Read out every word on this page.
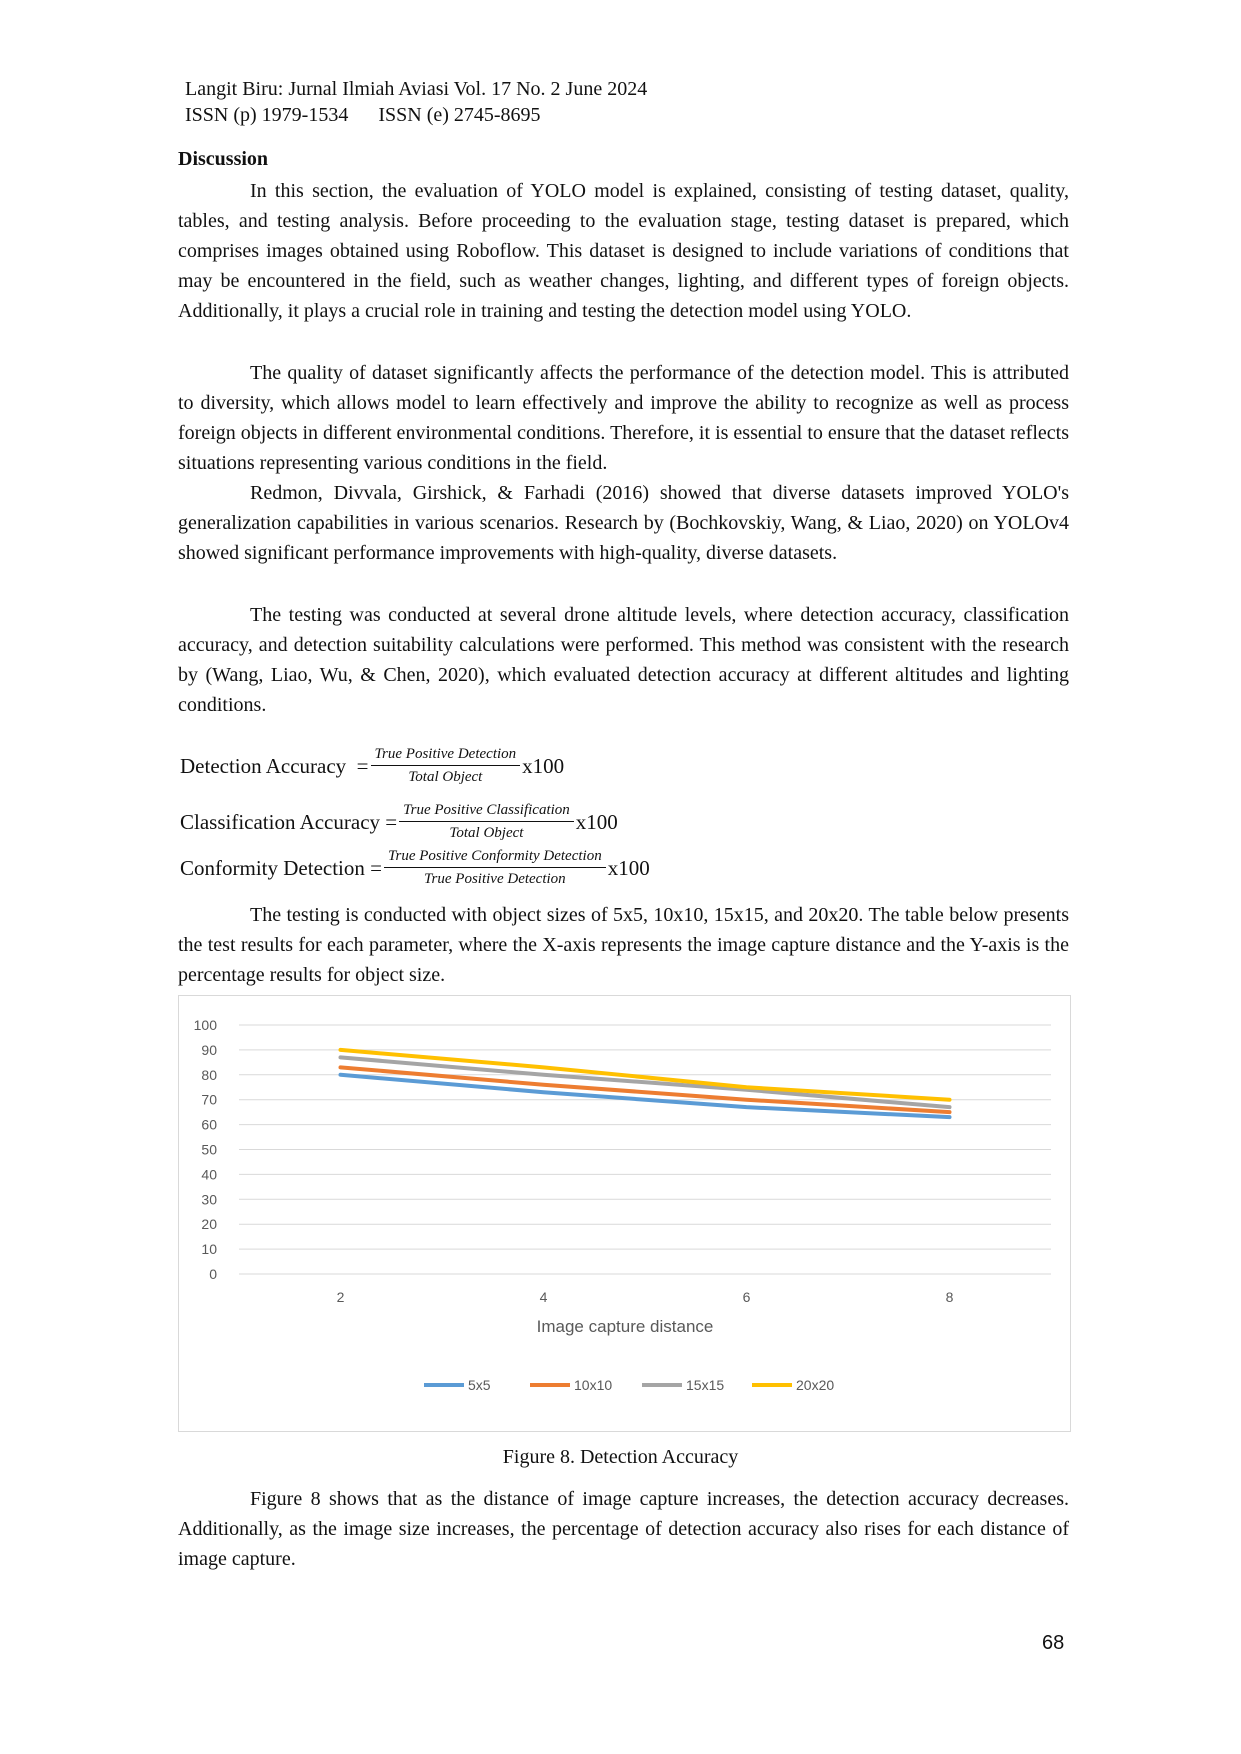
Langit Biru: Jurnal Ilmiah Aviasi Vol. 17 No. 2 June 2024
ISSN (p) 1979-1534 ISSN (e) 2745-8695
Discussion

In this section, the evaluation of YOLO model is explained, consisting of testing dataset, quality, tables, and testing analysis. Before proceeding to the evaluation stage, testing dataset is prepared, which comprises images obtained using Roboflow. This dataset is designed to include variations of conditions that may be encountered in the field, such as weather changes, lighting, and different types of foreign objects. Additionally, it plays a crucial role in training and testing the detection model using YOLO.

The quality of dataset significantly affects the performance of the detection model. This is attributed to diversity, which allows model to learn effectively and improve the ability to recognize as well as process foreign objects in different environmental conditions. Therefore, it is essential to ensure that the dataset reflects situations representing various conditions in the field.

Redmon, Divvala, Girshick, & Farhadi (2016) showed that diverse datasets improved YOLO's generalization capabilities in various scenarios. Research by (Bochkovskiy, Wang, & Liao, 2020) on YOLOv4 showed significant performance improvements with high-quality, diverse datasets.

The testing was conducted at several drone altitude levels, where detection accuracy, classification accuracy, and detection suitability calculations were performed. This method was consistent with the research by (Wang, Liao, Wu, & Chen, 2020), which evaluated detection accuracy at different altitudes and lighting conditions.

Detection Accuracy  = $\frac{\text{True Positive Detection}}{\text{Total Object}} x100$
Classification Accuracy = $\frac{\text{True Positive Classification}}{\text{Total Object}} x100$
Conformity Detection = $\frac{\text{True Positive Conformity Detection}}{\text{True Positive Detection}} x100$

The testing is conducted with object sizes of 5x5, 10x10, 15x15, and 20x20. The table below presents the test results for each parameter, where the X-axis represents the image capture distance and the Y-axis is the percentage results for object size.

0
10
20
30
40
50
60
70
80
90
100
2	4	6	8
Image capture distance
5x5	10x10	15x15	20x20
Figure 8. Detection Accuracy

Figure 8 shows that as the distance of image capture increases, the detection accuracy decreases. Additionally, as the image size increases, the percentage of detection accuracy also rises for each distance of image capture.

68
